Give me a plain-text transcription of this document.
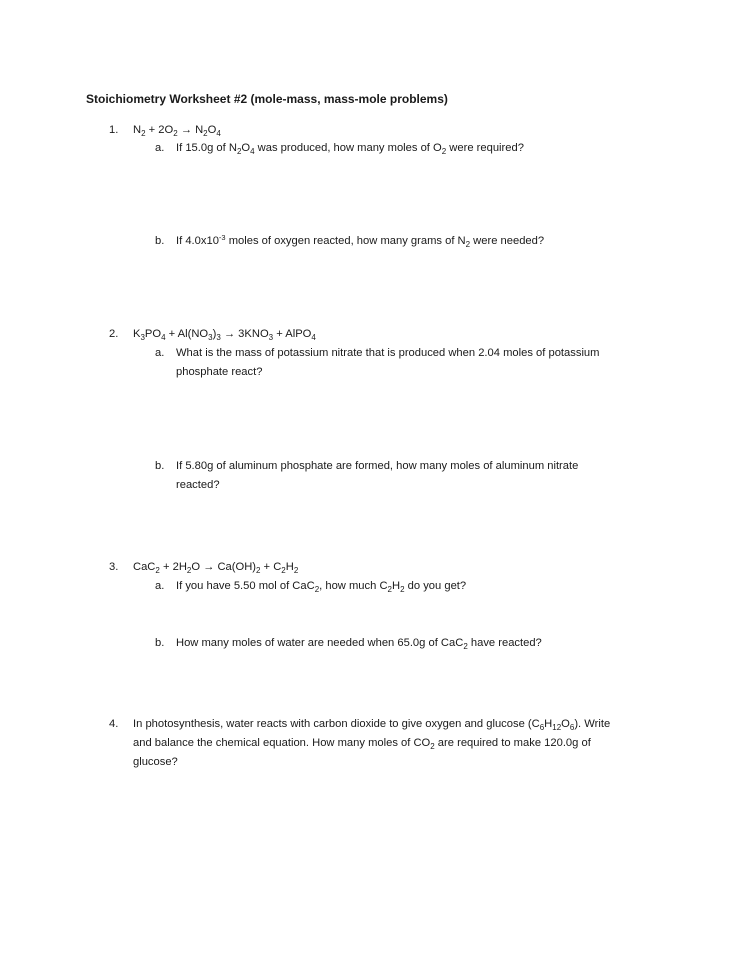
Stoichiometry Worksheet #2 (mole-mass, mass-mole problems)
1.	$N_2 + 2O_2 \to N_2O_4$
a. If 15.0g of $N_2O_4$ was produced, how many moles of $O_2$ were required?
b. If $4.0x10^{-3}$ moles of oxygen reacted, how many grams of $N_2$ were needed?
2.	$K_3PO_4 + Al(NO_3)_3 \to 3KNO_3$ + AlPO$_4$
a. What is the mass of potassium nitrate that is produced when 2.04 moles of potassium
phosphate react?
b. If 5.80g of aluminum phosphate are formed, how many moles of aluminum nitrate
reacted?
3.	$CaC_2 + 2H_2O \to Ca(OH)_2 + C_2H_2$
a. If you have 5.50 mol of CaC$_2$, how much $C_2H_2$ do you get?
b. How many moles of water are needed when 65.0g of CaC$_2$ have reacted?
4.	In photosynthesis, water reacts with carbon dioxide to give oxygen and glucose $(C_6H_{12}O_6)$. Write
and balance the chemical equation. How many moles of $CO_2$ are required to make 120.0g of
glucose?
